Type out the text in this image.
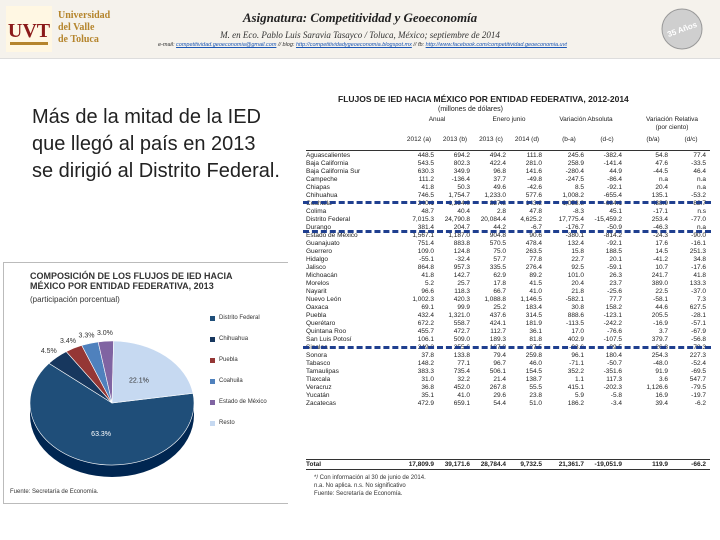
UVT
Universidad
del Valle
de Toluca
Asignatura: Competitividad y Geoeconomía
M. en Eco. Pablo Luis Saravia Tasayco / Toluca, México; septiembre de 2014
e-mail: competitividad.geoeconomia@gmail.com // blog: http://competitividadygeoeconomia.blogspot.mx // fb: http://www.facebook.com/competitividad.geoeconomia.uvt
35 Años
Más de la mitad de la IED que llegó al país en 2013 se dirigió al Distrito Federal.
COMPOSICIÓN DE LOS FLUJOS DE IED HACIA
MÉXICO POR ENTIDAD FEDERATIVA, 2013
(participación porcentual)
63.3%
4.5%
3.4%
3.3% 3.0%
22.1%
Distrito Federal
Chihuahua
Puebla
Coahuila
Estado de México
Resto
Fuente: Secretaría de Economía.
FLUJOS DE IED HACIA MÉXICO POR ENTIDAD FEDERATIVA, 2012-2014
(millones de dólares)
Anual	Enero junio	Variación Absoluta	Variación Relativa
(por ciento)
2012 (a)	2013 (b)	2013 (c)	2014 (d)	(b-a)	(d-c)	(b/a)	(d/c)
Aguascalientes	448.5	694.2	494.2	111.8	245.6	-382.4	54.8	77.4
Baja California	543.5	802.3	422.4	281.0	258.9	-141.4	47.6	-33.5
Baja California Sur	630.3	349.9	96.8	141.6	-280.4	44.9	-44.5	46.4
Campeche	111.2	-136.4	37.7	-49.8	-247.5	-86.4	n.a	n.a
Chiapas	41.8	50.3	49.6	-42.6	8.5	-92.1	20.4	n.a
Chihuahua	746.5	1,754.7	1,233.0	577.6	1,008.2	-655.4	135.1	-53.2
Coahuila	240.1	1,294.0	827.3	143.2	1,053.8	-684.1	438.9	-82.7
Colima	48.7	40.4	2.8	47.8	-8.3	45.1	-17.1	n.s
Distrito Federal	7,015.3	24,790.8	20,084.4	4,625.2	17,775.4	-15,459.2	253.4	-77.0
Durango	381.4	204.7	44.2	-6.7	-176.7	-50.9	-46.3	n.a
Estado de México	1,567.1	1,187.0	904.8	90.6	-380.1	-814.2	-24.3	-90.0
Guanajuato	751.4	883.8	570.5	478.4	132.4	-92.1	17.6	-16.1
Guerrero	109.0	124.8	75.0	263.5	15.8	188.5	14.5	251.3
Hidalgo	-55.1	-32.4	57.7	77.8	22.7	20.1	-41.2	34.8
Jalisco	864.8	957.3	335.5	276.4	92.5	-59.1	10.7	-17.6
Michoacán	41.8	142.7	62.9	89.2	101.0	26.3	241.7	41.8
Morelos	5.2	25.7	17.8	41.5	20.4	23.7	389.0	133.3
Nayarit	96.6	118.3	66.7	41.0	21.8	-25.6	22.5	-37.0
Nuevo León	1,002.3	420.3	1,088.8	1,146.5	-582.1	77.7	-58.1	7.3
Oaxaca	69.1	99.9	25.2	183.4	30.8	158.2	44.6	627.5
Puebla	432.4	1,321.0	437.6	314.5	888.6	-123.1	205.5	-28.1
Querétaro	672.2	558.7	424.1	181.9	-113.5	-242.2	-16.9	-57.1
Quintana Roo	455.7	472.7	112.7	36.1	17.0	-76.6	3.7	-67.9
San Luis Potosí	106.1	509.0	189.3	81.8	402.9	-107.5	379.7	-56.8
Sinaloa	349.2	255.6	127.0	27.5	-93.6	-99.5	-26.8	-78.3
Sonora	37.8	133.8	79.4	259.8	96.1	180.4	254.3	227.3
Tabasco	148.2	77.1	96.7	46.0	-71.1	-50.7	-48.0	-52.4
Tamaulipas	383.3	735.4	506.1	154.5	352.2	-351.6	91.9	-69.5
Tlaxcala	31.0	32.2	21.4	138.7	1.1	117.3	3.6	547.7
Veracruz	36.8	452.0	267.8	55.5	415.1	-202.3	1,126.6	-79.5
Yucatán	35.1	41.0	29.6	23.8	5.9	-5.8	16.9	-19.7
Zacatecas	472.9	659.1	54.4	51.0	186.2	-3.4	39.4	-6.2
Total	17,809.9	39,171.6	28,784.4	9,732.5	21,361.7	-19,051.9	119.9	-66.2
*/ Con información al 30 de junio de 2014.
n.a. No aplica. n.s. No significativo
Fuente: Secretaría de Economía.
